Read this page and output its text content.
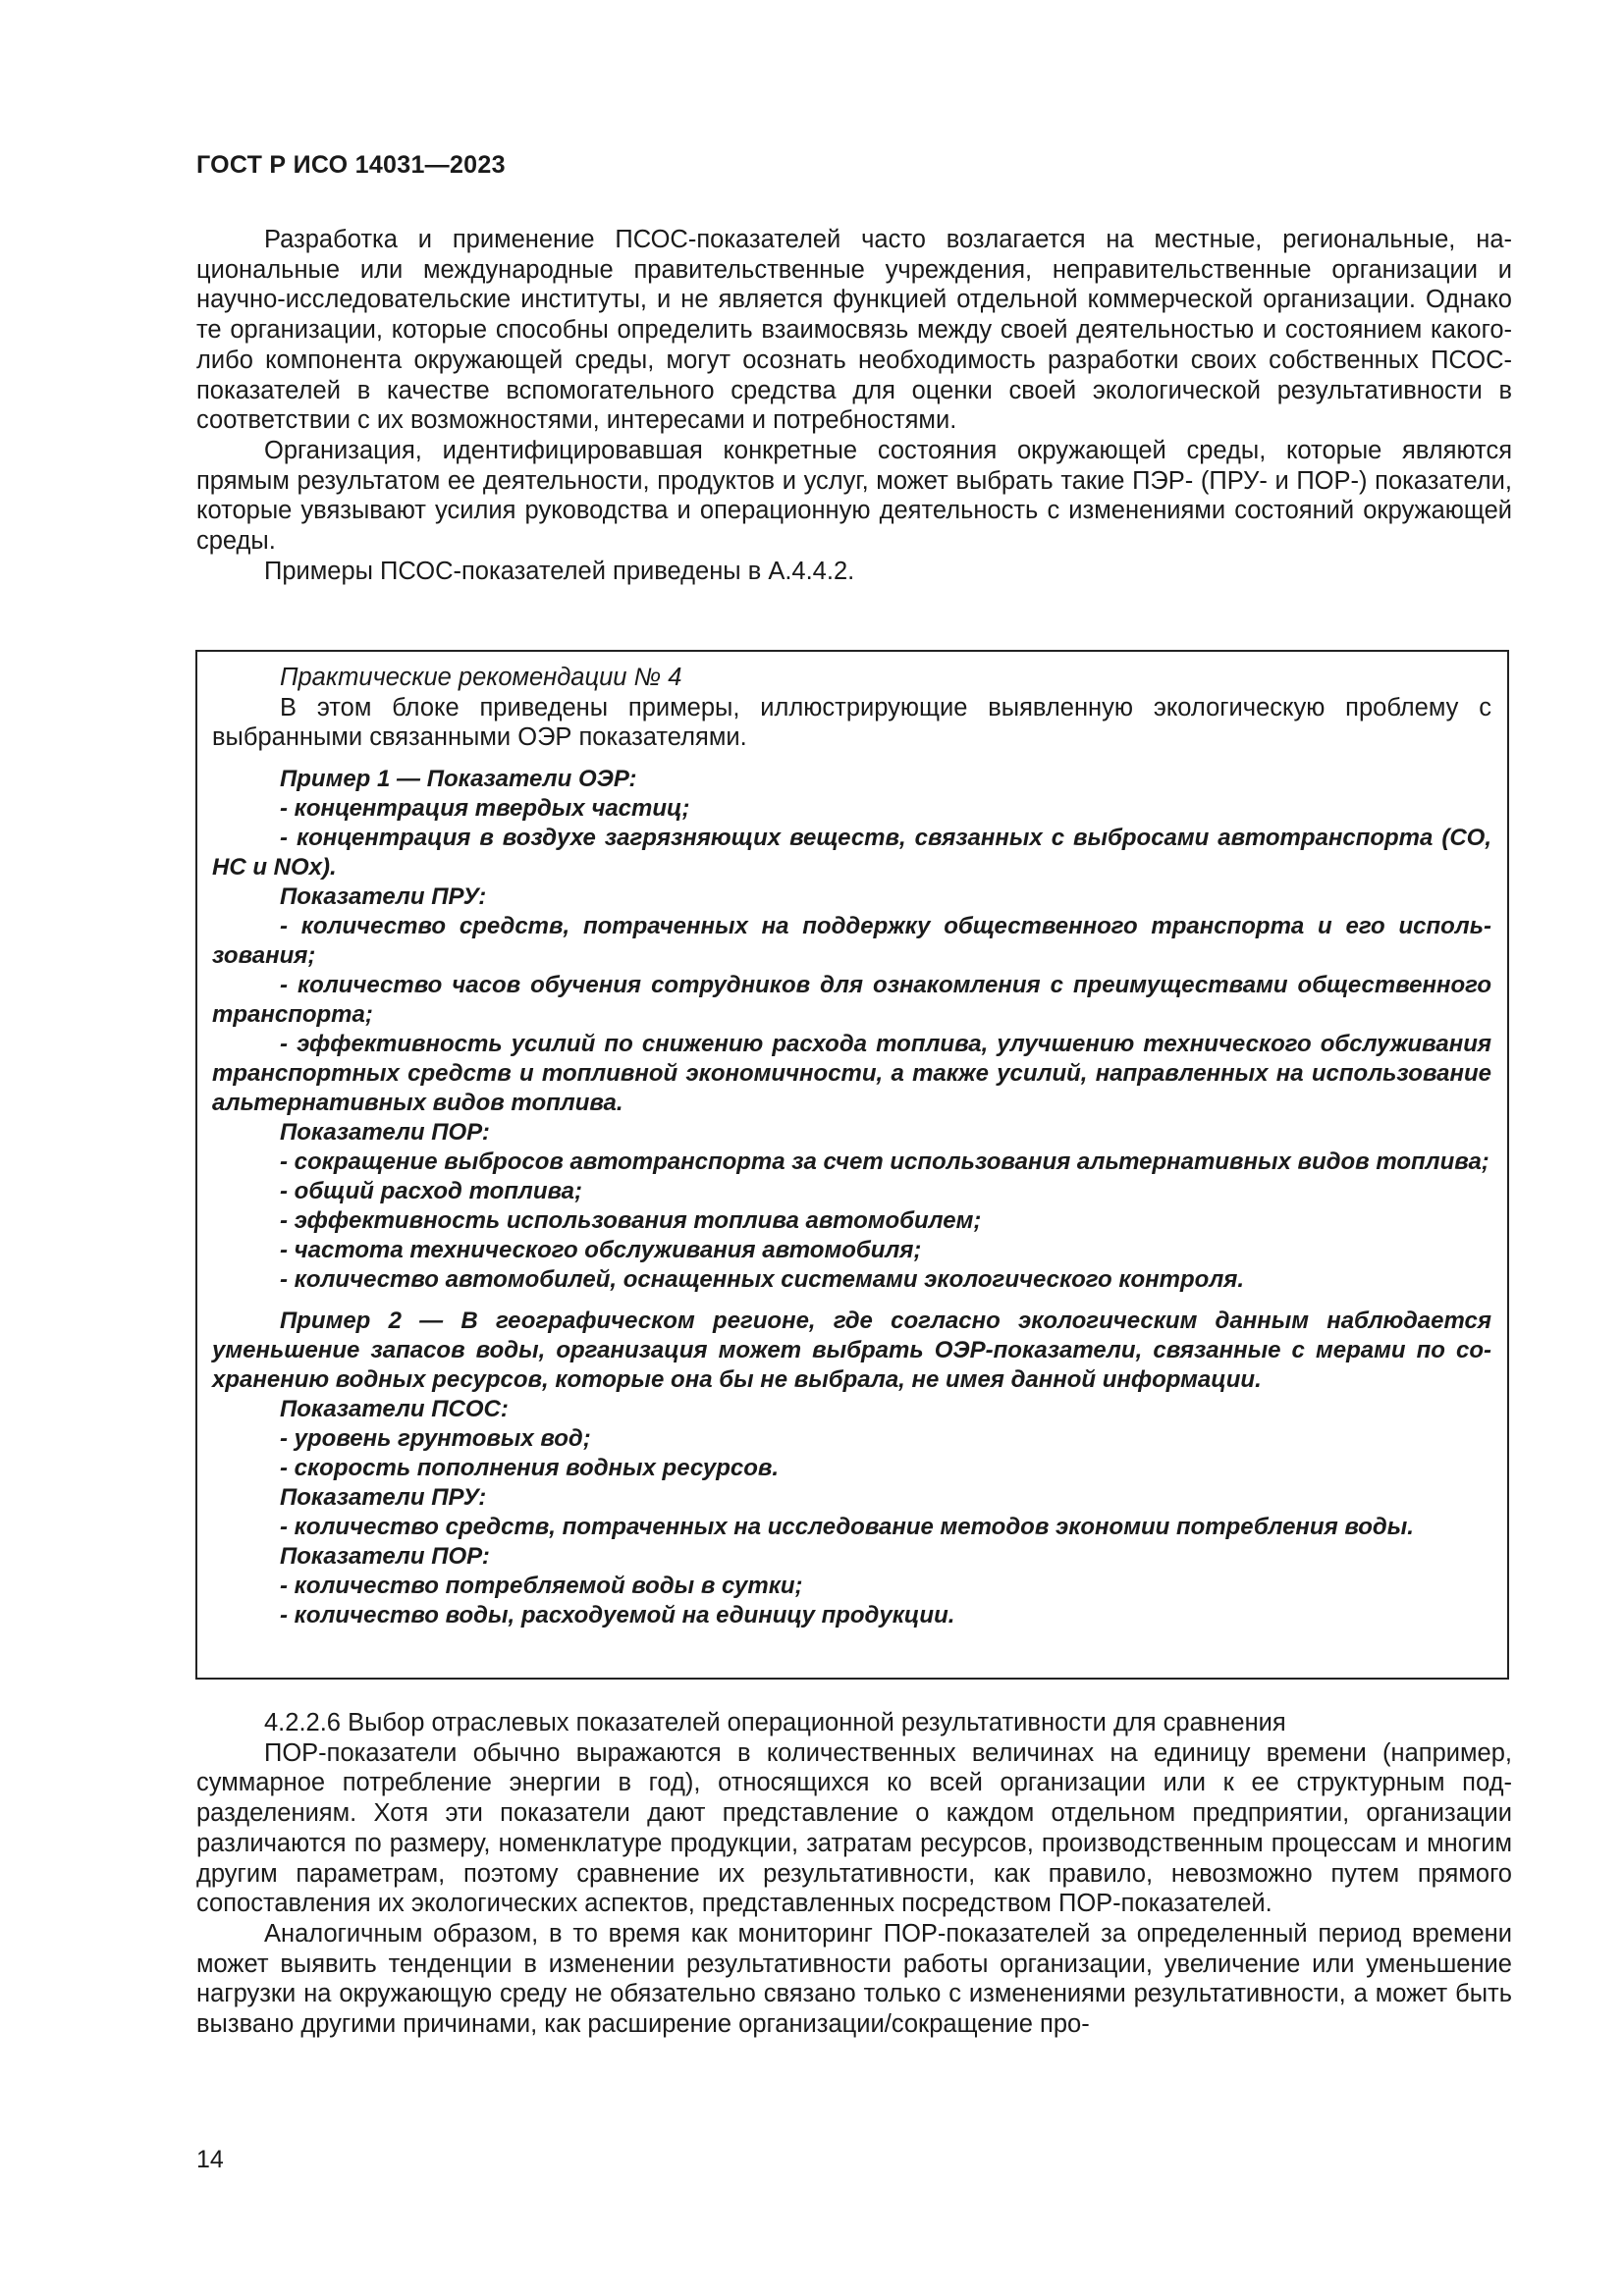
ГОСТ Р ИСО 14031—2023

Разработка и применение ПСОС-показателей часто возлагается на местные, региональные, национальные или международные правительственные учреждения, неправительственные организации и научно-исследовательские институты, и не является функцией отдельной коммерческой организации. Однако те организации, которые способны определить взаимосвязь между своей деятельностью и состоянием какого-либо компонента окружающей среды, могут осознать необходимость разработки своих собственных ПСОС-показателей в качестве вспомогательного средства для оценки своей экологической результативности в соответствии с их возможностями, интересами и потребностями.

Организация, идентифицировавшая конкретные состояния окружающей среды, которые являются прямым результатом ее деятельности, продуктов и услуг, может выбрать такие ПЭР- (ПРУ- и ПОР-) показатели, которые увязывают усилия руководства и операционную деятельность с изменениями состояний окружающей среды.

Примеры ПСОС-показателей приведены в А.4.4.2.

Практические рекомендации № 4

В этом блоке приведены примеры, иллюстрирующие выявленную экологическую проблему с выбранными связанными ОЭР показателями.

Пример 1 — Показатели ОЭР:

- концентрация твердых частиц;

- концентрация в воздухе загрязняющих веществ, связанных с выбросами автотранспорта (CO, HC и NOx).

Показатели ПРУ:

- количество средств, потраченных на поддержку общественного транспорта и его использования;

- количество часов обучения сотрудников для ознакомления с преимуществами общественного транспорта;

- эффективность усилий по снижению расхода топлива, улучшению технического обслуживания транспортных средств и топливной экономичности, а также усилий, направленных на использование альтернативных видов топлива.

Показатели ПОР:

- сокращение выбросов автотранспорта за счет использования альтернативных видов топлива;

- общий расход топлива;

- эффективность использования топлива автомобилем;

- частота технического обслуживания автомобиля;

- количество автомобилей, оснащенных системами экологического контроля.

Пример 2 — В географическом регионе, где согласно экологическим данным наблюдается уменьшение запасов воды, организация может выбрать ОЭР-показатели, связанные с мерами по сохранению водных ресурсов, которые она бы не выбрала, не имея данной информации.

Показатели ПСОС:

- уровень грунтовых вод;

- скорость пополнения водных ресурсов.

Показатели ПРУ:

- количество средств, потраченных на исследование методов экономии потребления воды.

Показатели ПОР:

- количество потребляемой воды в сутки;

- количество воды, расходуемой на единицу продукции.

4.2.2.6 Выбор отраслевых показателей операционной результативности для сравнения

ПОР-показатели обычно выражаются в количественных величинах на единицу времени (например, суммарное потребление энергии в год), относящихся ко всей организации или к ее структурным подразделениям. Хотя эти показатели дают представление о каждом отдельном предприятии, организации различаются по размеру, номенклатуре продукции, затратам ресурсов, производственным процессам и многим другим параметрам, поэтому сравнение их результативности, как правило, невозможно путем прямого сопоставления их экологических аспектов, представленных посредством ПОР-показателей.

Аналогичным образом, в то время как мониторинг ПОР-показателей за определенный период времени может выявить тенденции в изменении результативности работы организации, увеличение или уменьшение нагрузки на окружающую среду не обязательно связано только с изменениями результативности, а может быть вызвано другими причинами, как расширение организации/сокращение про-

14
